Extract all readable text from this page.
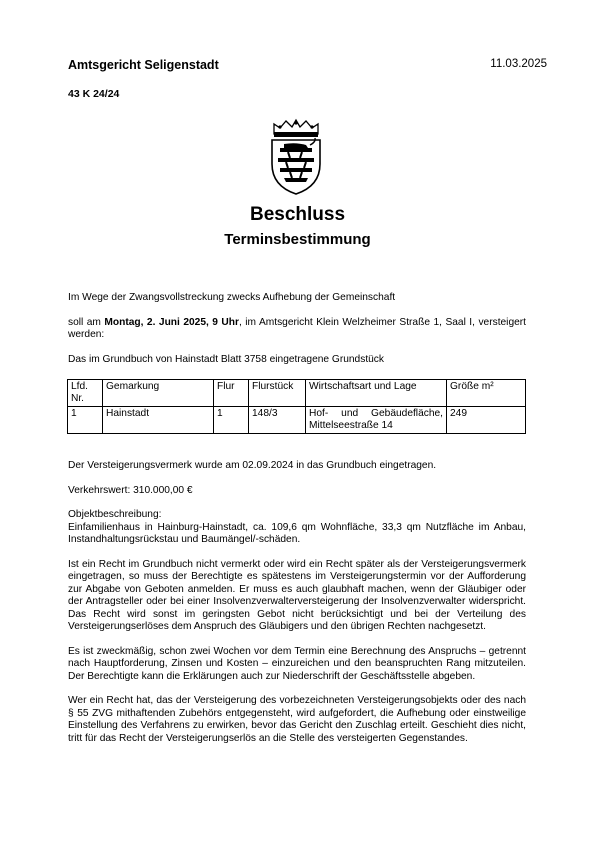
Amtsgericht Seligenstadt	11.03.2025
43 K 24/24
Beschluss
Terminsbestimmung

Im Wege der Zwangsvollstreckung zwecks Aufhebung der Gemeinschaft

soll am Montag, 2. Juni 2025, 9 Uhr, im Amtsgericht Klein Welzheimer Straße 1, Saal I, versteigert werden:

Das im Grundbuch von Hainstadt Blatt 3758 eingetragene Grundstück

Lfd. Nr.	Gemarkung	Flur	Flurstück	Wirtschaftsart und Lage	Größe m²
1	Hainstadt	1	148/3	Hof- und Gebäudefläche, Mittelseestraße 14	249

Der Versteigerungsvermerk wurde am 02.09.2024 in das Grundbuch eingetragen.

Verkehrswert: 310.000,00 €

Objektbeschreibung:
Einfamilienhaus in Hainburg-Hainstadt, ca. 109,6 qm Wohnfläche, 33,3 qm Nutzfläche im Anbau, Instandhaltungsrückstau und Baumängel/-schäden.

Ist ein Recht im Grundbuch nicht vermerkt oder wird ein Recht später als der Versteigerungsvermerk eingetragen, so muss der Berechtigte es spätestens im Versteigerungstermin vor der Aufforderung zur Abgabe von Geboten anmelden. Er muss es auch glaubhaft machen, wenn der Gläubiger oder der Antragsteller oder bei einer Insolvenzverwalterversteigerung der Insolvenzverwalter widerspricht. Das Recht wird sonst im geringsten Gebot nicht berücksichtigt und bei der Verteilung des Versteigerungserlöses dem Anspruch des Gläubigers und den übrigen Rechten nachgesetzt.

Es ist zweckmäßig, schon zwei Wochen vor dem Termin eine Berechnung des Anspruchs – getrennt nach Hauptforderung, Zinsen und Kosten – einzureichen und den beanspruchten Rang mitzuteilen. Der Berechtigte kann die Erklärungen auch zur Niederschrift der Geschäftsstelle abgeben.

Wer ein Recht hat, das der Versteigerung des vorbezeichneten Versteigerungsobjekts oder des nach § 55 ZVG mithaftenden Zubehörs entgegensteht, wird aufgefordert, die Aufhebung oder einstweilige Einstellung des Verfahrens zu erwirken, bevor das Gericht den Zuschlag erteilt. Geschieht dies nicht, tritt für das Recht der Versteigerungserlös an die Stelle des versteigerten Gegenstandes.
